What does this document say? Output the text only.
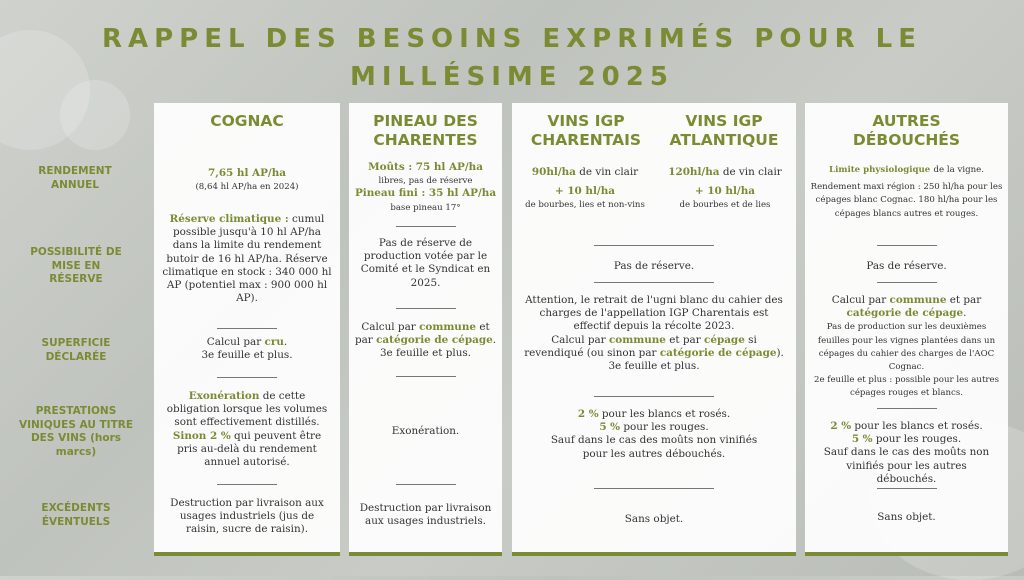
RAPPEL DES BESOINS EXPRIMÉS POUR LE
MILLÉSIME 2025
RENDEMENT ANNUEL
POSSIBILITÉ DE MISE EN RÉSERVE
SUPERFICIE DÉCLARÉE
PRESTATIONS VINIQUES AU TITRE DES VINS (hors marcs)
EXCÉDENTS ÉVENTUELS
COGNAC
7,65 hl AP/ha
(8,64 hl AP/ha en 2024)
Réserve climatique : cumul possible jusqu'à 10 hl AP/ha dans la limite du rendement butoir de 16 hl AP/ha. Réserve climatique en stock : 340 000 hl AP (potentiel max : 900 000 hl AP).
Calcul par cru.
3e feuille et plus.
Exonération de cette obligation lorsque les volumes sont effectivement distillés.
Sinon 2 % qui peuvent être pris au-delà du rendement annuel autorisé.
Destruction par livraison aux usages industriels (jus de raisin, sucre de raisin).
PINEAU DES CHARENTES
Moûts : 75 hl AP/ha
libres, pas de réserve
Pineau fini : 35 hl AP/ha
base pineau 17°
Pas de réserve de production votée par le Comité et le Syndicat en 2025.
Calcul par commune et par catégorie de cépage.
3e feuille et plus.
Exonération.
Destruction par livraison aux usages industriels.
VINS IGP CHARENTAIS
VINS IGP ATLANTIQUE
90hl/ha de vin clair

+ 10 hl/ha
de bourbes, lies et non-vins
120hl/ha de vin clair

+ 10 hl/ha
de bourbes et de lies
Pas de réserve.
Attention, le retrait de l'ugni blanc du cahier des charges de l'appellation IGP Charentais est effectif depuis la récolte 2023.
Calcul par commune et par cépage si revendiqué (ou sinon par catégorie de cépage).
3e feuille et plus.
2 % pour les blancs et rosés.
5 % pour les rouges.
Sauf dans le cas des moûts non vinifiés pour les autres débouchés.
Sans objet.
AUTRES DÉBOUCHÉS
Limite physiologique de la vigne.

Rendement maxi région : 250 hl/ha pour les cépages blanc Cognac. 180 hl/ha pour les cépages blancs autres et rouges.
Pas de réserve.
Calcul par commune et par catégorie de cépage.
Pas de production sur les deuxièmes feuilles pour les vignes plantées dans un cépages du cahier des charges de l'AOC Cognac.
2e feuille et plus : possible pour les autres cépages rouges et blancs.
2 % pour les blancs et rosés.
5 % pour les rouges.
Sauf dans le cas des moûts non vinifiés pour les autres débouchés.
Sans objet.
